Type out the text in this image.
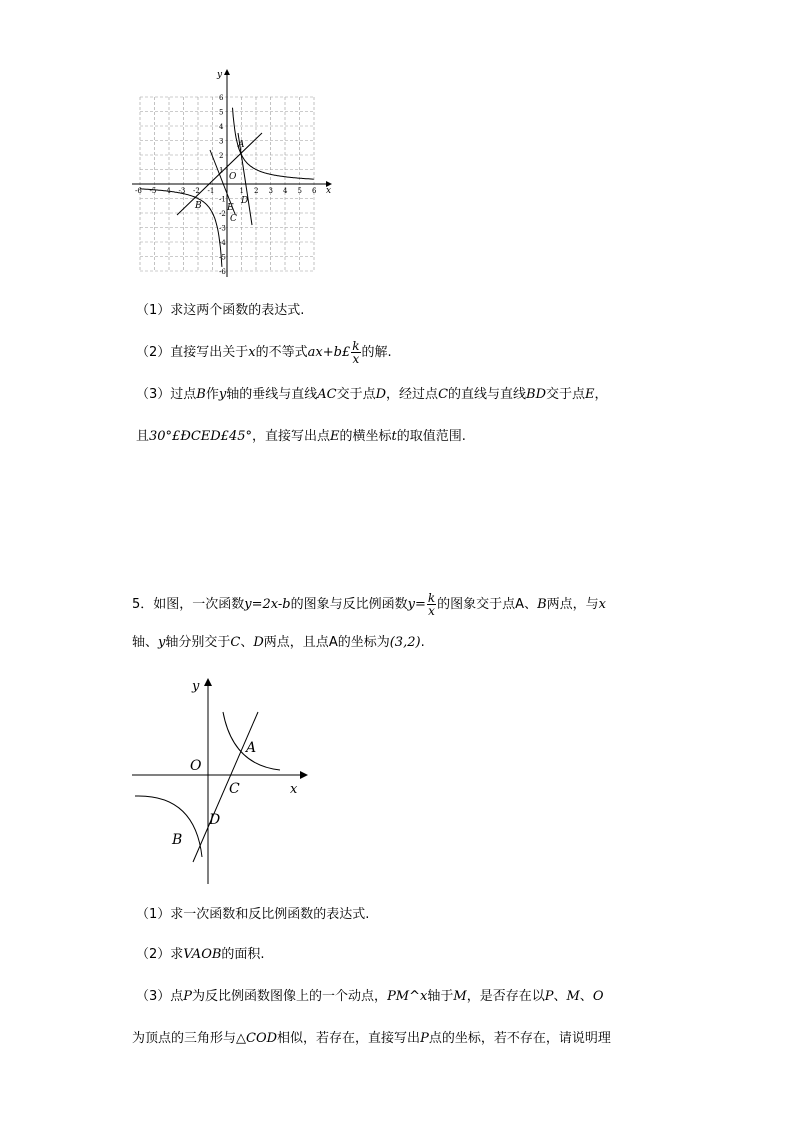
y
x
O
A
B
C
D
E
6
5
4
3
2
1
-1
-2
-3
-4
-5
-6
1 2 3 4 5 6
-6 -5 -4 -3 -2 -1
（1）求这两个函数的表达式.
（2）直接写出关于x的不等式ax+b£ $\frac{k}{x}$ 的解.
（3）过点B作y轴的垂线与直线AC交于点D，经过点C的直线与直线BD交于点E，
且30°£ÐCED£45°，直接写出点E的横坐标t的取值范围.
5．如图，一次函数y=2x-b的图象与反比例函数$y= \frac{k}{x}$ 的图象交于点A、B两点，与x
轴、y轴分别交于C、D两点，且点A的坐标为(3,2).
y
x
O
A
C
D
B
（1）求一次函数和反比例函数的表达式.
（2）求VAOB的面积.
（3）点P为反比例函数图像上的一个动点，PM^x轴于M，是否存在以P、M、O
为顶点的三角形与△COD相似，若存在，直接写出P点的坐标，若不存在，请说明理
